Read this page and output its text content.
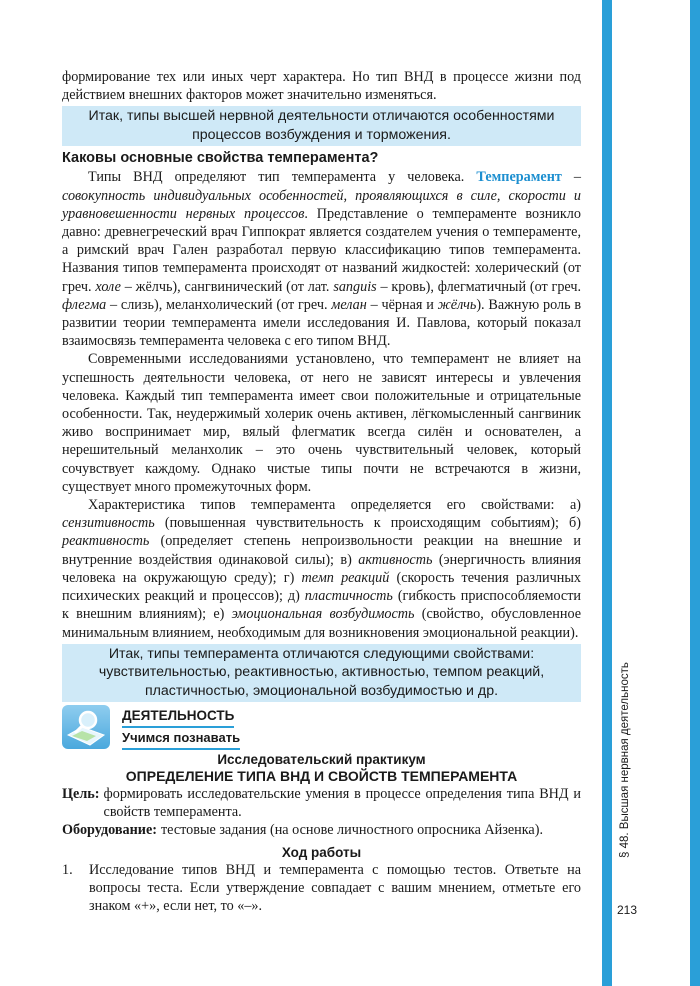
§ 48. Высшая нервная деятельность
213

формирование тех или иных черт характера. Но тип ВНД в процессе жизни под действием внешних факторов может значительно изменяться.

Итак, типы высшей нервной деятельности отличаются особенностями процессов возбуждения и торможения.
Каковы основные свойства темперамента?

Типы ВНД определяют тип темперамента у человека. Темперамент – совокупность индивидуальных особенностей, проявляющихся в силе, скорости и уравновешенности нервных процессов. Представление о темпераменте возникло давно: древнегреческий врач Гиппократ является создателем учения о темпераменте, а римский врач Гален разработал первую классификацию типов темперамента. Названия типов темперамента происходят от названий жидкостей: холерический (от греч. холе – жёлчь), сангвинический (от лат. sanguis – кровь), флегматичный (от греч. флегма – слизь), меланхолический (от греч. мелан – чёрная и жёлчь). Важную роль в развитии теории темперамента имели исследования И. Павлова, который показал взаимосвязь темперамента человека с его типом ВНД.

Современными исследованиями установлено, что темперамент не влияет на успешность деятельности человека, от него не зависят интересы и увлечения человека. Каждый тип темперамента имеет свои положительные и отрицательные особенности. Так, неудержимый холерик очень активен, лёгкомысленный сангвиник живо воспринимает мир, вялый флегматик всегда силён и основателен, а нерешительный меланхолик – это очень чувствительный человек, который сочувствует каждому. Однако чистые типы почти не встречаются в жизни, существует много промежуточных форм.

Характеристика типов темперамента определяется его свойствами: а) сензитивность (повышенная чувствительность к происходящим событиям); б) реактивность (определяет степень непроизвольности реакции на внешние и внутренние воздействия одинаковой силы); в) активность (энергичность влияния человека на окружающую среду); г) темп реакций (скорость течения различных психических реакций и процессов); д) пластичность (гибкость приспособляемости к внешним влияниям); е) эмоциональная возбудимость (свойство, обусловленное минимальным влиянием, необходимым для возникновения эмоциональной реакции).

Итак, типы темперамента отличаются следующими свойствами: чувствительностью, реактивностью, активностью, темпом реакций, пластичностью, эмоциональной возбудимостью и др.
ДЕЯТЕЛЬНОСТЬ
Учимся познавать
Исследовательский практикум
ОПРЕДЕЛЕНИЕ ТИПА ВНД И СВОЙСТВ ТЕМПЕРАМЕНТА
Цель: формировать исследовательские умения в процессе определения типа ВНД и свойств темперамента.
Оборудование: тестовые задания (на основе личностного опросника Айзенка).
Ход работы
1.	Исследование типов ВНД и темперамента с помощью тестов. Ответьте на вопросы теста. Если утверждение совпадает с вашим мнением, отметьте его знаком «+», если нет, то «–».
